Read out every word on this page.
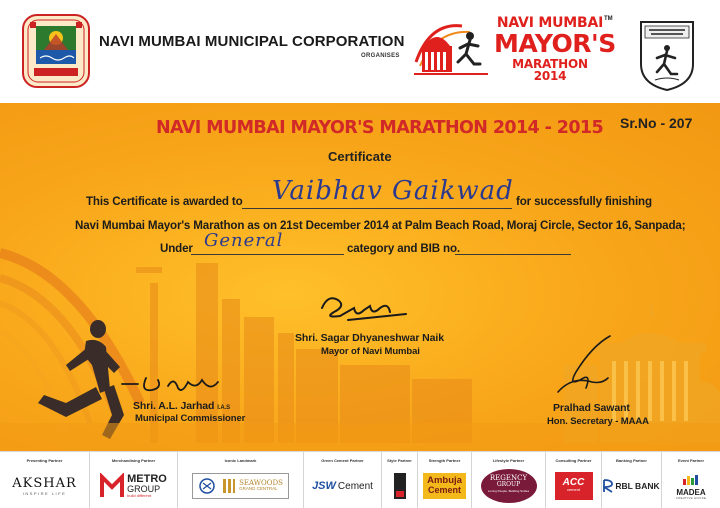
NAVI MUMBAI MUNICIPAL CORPORATION
ORGANISES
NAVI MUMBAI
MAYOR'S
MARATHON 2014
TM
NAVI MUMBAI MAYOR'S MARATHON 2014 - 2015 Sr.No - 207
Certificate
This Certificate is awarded to Vaibhav Gaikwad for successfully finishing
Navi Mumbai Mayor's Marathon as on 21st December 2014 at Palm Beach Road, Moraj Circle, Sector 16, Sanpada;
Under General	category and BIB no.
Shri. Sagar Dhyaneshwar Naik
Mayor of Navi Mumbai
Shri. A.L. Jarhad I.A.S
Municipal Commissioner
Pralhad Sawant
Hon. Secretary - MAAA
Presenting Partner
AKSHAR
INSPIRE LIFE
Merchandising Partner
METRO
GROUP
build different
Iconic Landmark
SEAWOODS
GRAND CENTRAL
Green Cement Partner
JSW Cement
Style Partner	Strength Partner
Ambuja
Cement
Lifestyle Partner
REGENCY
GROUP
Loving People, Building Smiles
Consulting Partner
ACC
cement
Banking Partner
RBL BANK
Event Partner
MADEA
CREATIVE HOUSE
